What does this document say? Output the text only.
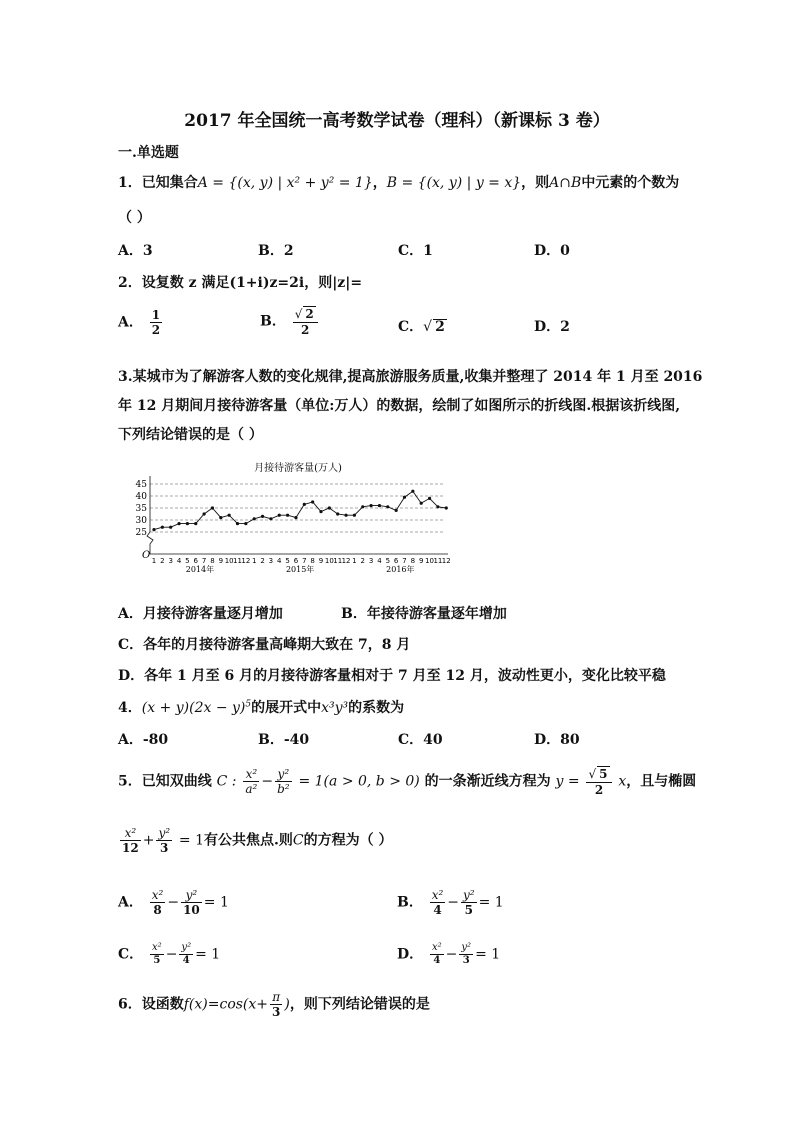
2017 年全国统一高考数学试卷（理科）（新课标 3 卷）
一.单选题
1．已知集合A = {(x, y) | x² + y² = 1}，B = {(x, y) | y = x}，则A∩B中元素的个数为
（ ）
A．3	B．2	C．1	D．0
2．设复数 z 满足(1+i)z=2i，则|z|=
A． $\frac{1}{2}$	B． $\frac{√ 2}{2}$	C．√ 2	D．2
3.某城市为了解游客人数的变化规律,提高旅游服务质量,收集并整理了 2014 年 1 月至 2016
年 12 月期间月接待游客量（单位:万人）的数据，绘制了如图所示的折线图.根据该折线图,
下列结论错误的是（ ）
月接待游客量(万人)
25
30
35
40
45
O 1 2 3 4 5 6 7 8 9 10 11 12 1 2 3 4 5 6 7 8 9 10 11 12 1 2 3 4 5 6 7 8 9 10 11 12
2014年	2015年	2016年
A．月接待游客量逐月增加	B．年接待游客量逐年增加
C．各年的月接待游客量高峰期大致在 7，8 月
D．各年 1 月至 6 月的月接待游客量相对于 7 月至 12 月，波动性更小，变化比较平稳
4．$(x + y)(2x - y)^5$的展开式中x³y³的系数为
A．-80	B．-40	C．40	D．80
5．已知双曲线 C : $\frac{\text{x²}}{\text{a²}} - \frac{\text{y²}}{\text{b²}} = 1(a > 0$, b > 0) 的一条渐近线方程为 $y = \frac{√ 5}{2}$ x，且与椭圆
$\frac{\text{x²}}{12} + \frac{\text{y²}}{3} = 1$有公共焦点.则C的方程为（ ）
A． $\frac{\text{x²}}{8} - \frac{\text{y²}}{10} = 1$	B． $\frac{\text{x²}}{4} - \frac{\text{y²}}{5} = 1$
C． $\frac{\text{x²}}{5} - \frac{\text{y²}}{4} = 1$	D． $\frac{\text{x²}}{4} - \frac{\text{y²}}{3} = 1$
6．设函数$f(x)=\cos(x+ \frac{\pi}{3}$ )，则下列结论错误的是
